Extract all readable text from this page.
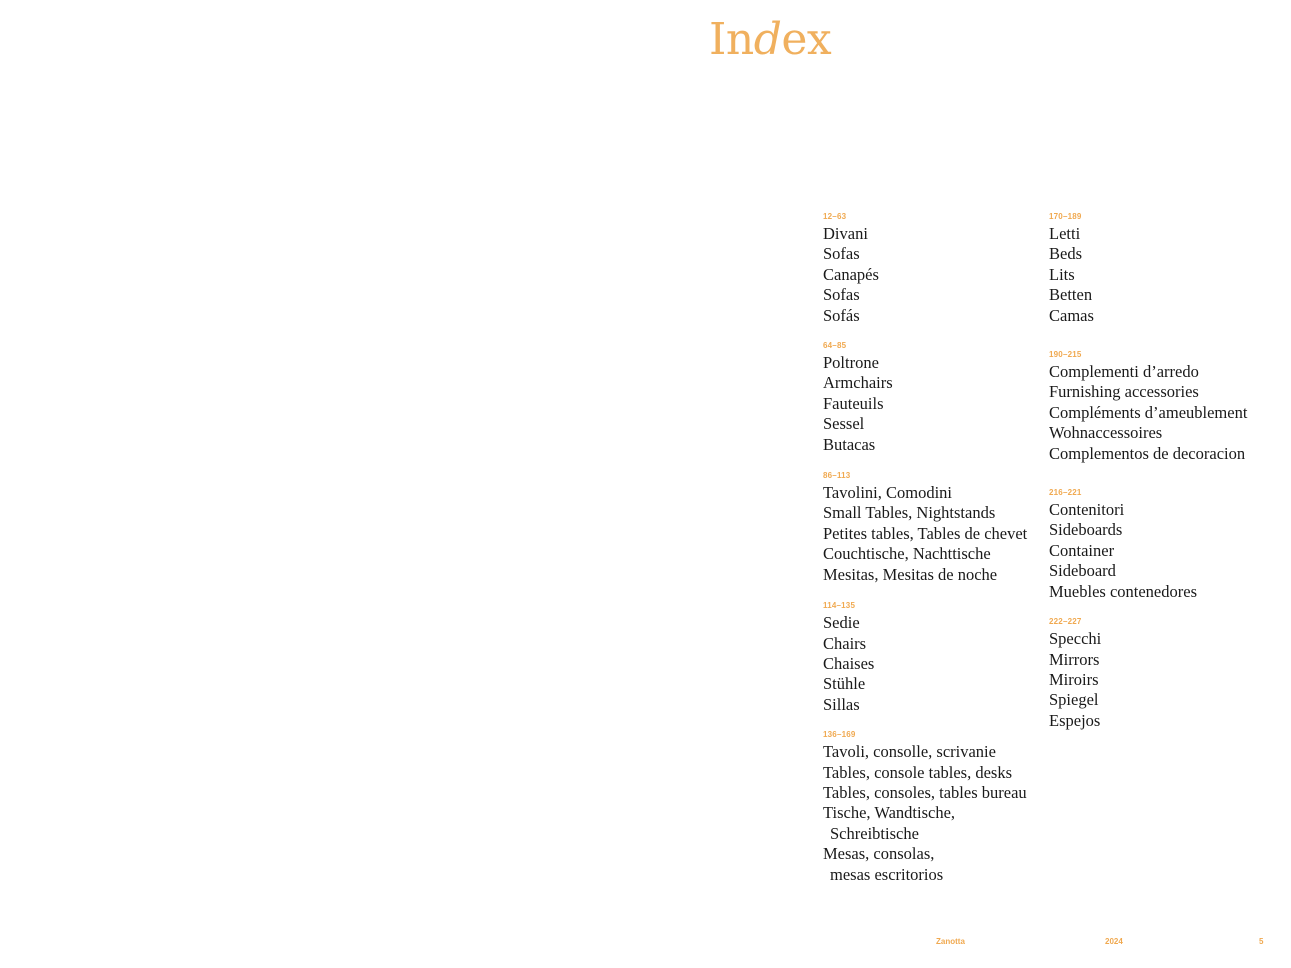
Index
12–63
Divani
Sofas
Canapés
Sofas
Sofás
64–85
Poltrone
Armchairs
Fauteuils
Sessel
Butacas
86–113
Tavolini, Comodini
Small Tables, Nightstands
Petites tables, Tables de chevet
Couchtische, Nachttische
Mesitas, Mesitas de noche
114–135
Sedie
Chairs
Chaises
Stühle
Sillas
136–169
Tavoli, consolle, scrivanie
Tables, console tables, desks
Tables, consoles, tables bureau
Tische, Wandtische,
Schreibtische
Mesas, consolas,
mesas escritorios
170–189
Letti
Beds
Lits
Betten
Camas
190–215
Complementi d’arredo
Furnishing accessories
Compléments d’ameublement
Wohnaccessoires
Complementos de decoracion
216–221
Contenitori
Sideboards
Container
Sideboard
Muebles contenedores
222–227
Specchi
Mirrors
Miroirs
Spiegel
Espejos
Zanotta	2024	5
